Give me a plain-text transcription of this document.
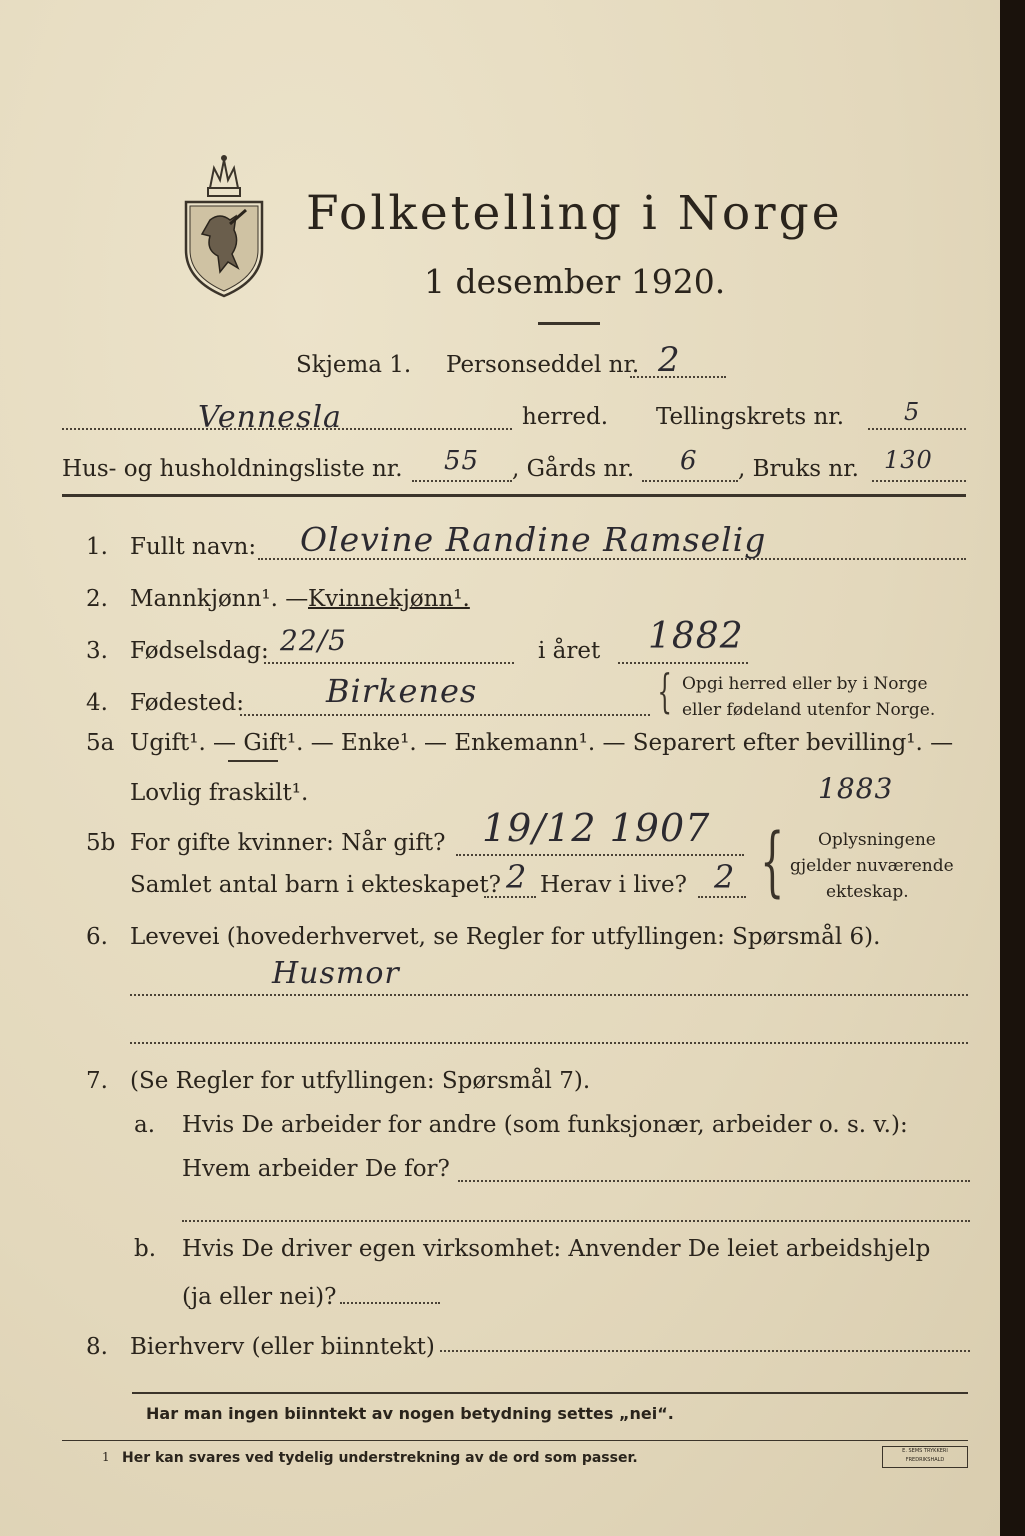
Folketelling i Norge
1 desember 1920.
Skjema 1. Personseddel nr. 2
Vennesla	herred. Tellingskrets nr. 5
Hus- og husholdningsliste nr. 55 , Gårds nr. 6 , Bruks nr. 130
1. Fullt navn: Olevine Randine Ramselig
2. Mannkjønn¹. — Kvinnekjønn¹.
3. Fødselsdag: 22/5	i året 1882
4. Fødested:	Birkenes	{ Opgi herred eller by i Norge
eller fødeland utenfor Norge.
5a Ugift¹. — Gift¹. — Enke¹. — Enkemann¹. — Separert efter bevilling¹. —
Lovlig fraskilt¹.
5b For gifte kvinner: Når gift? 19/12 1907
1883
Samlet antal barn i ekteskapet? 2 Herav i live? 2 { Oplysningene
gjelder nuværende
ekteskap.
6. Levevei (hovederhvervet, se Regler for utfyllingen: Spørsmål 6).
Husmor
7. (Se Regler for utfyllingen: Spørsmål 7).
a. Hvis De arbeider for andre (som funksjonær, arbeider o. s. v.):
Hvem arbeider De for?
b. Hvis De driver egen virksomhet: Anvender De leiet arbeidshjelp
(ja eller nei)?
8. Bierhverv (eller biinntekt)
Har man ingen biinntekt av nogen betydning settes „nei“.
1 Her kan svares ved tydelig understrekning av de ord som passer.	E. SEMS TRYKKERI FREDRIKSHALD
